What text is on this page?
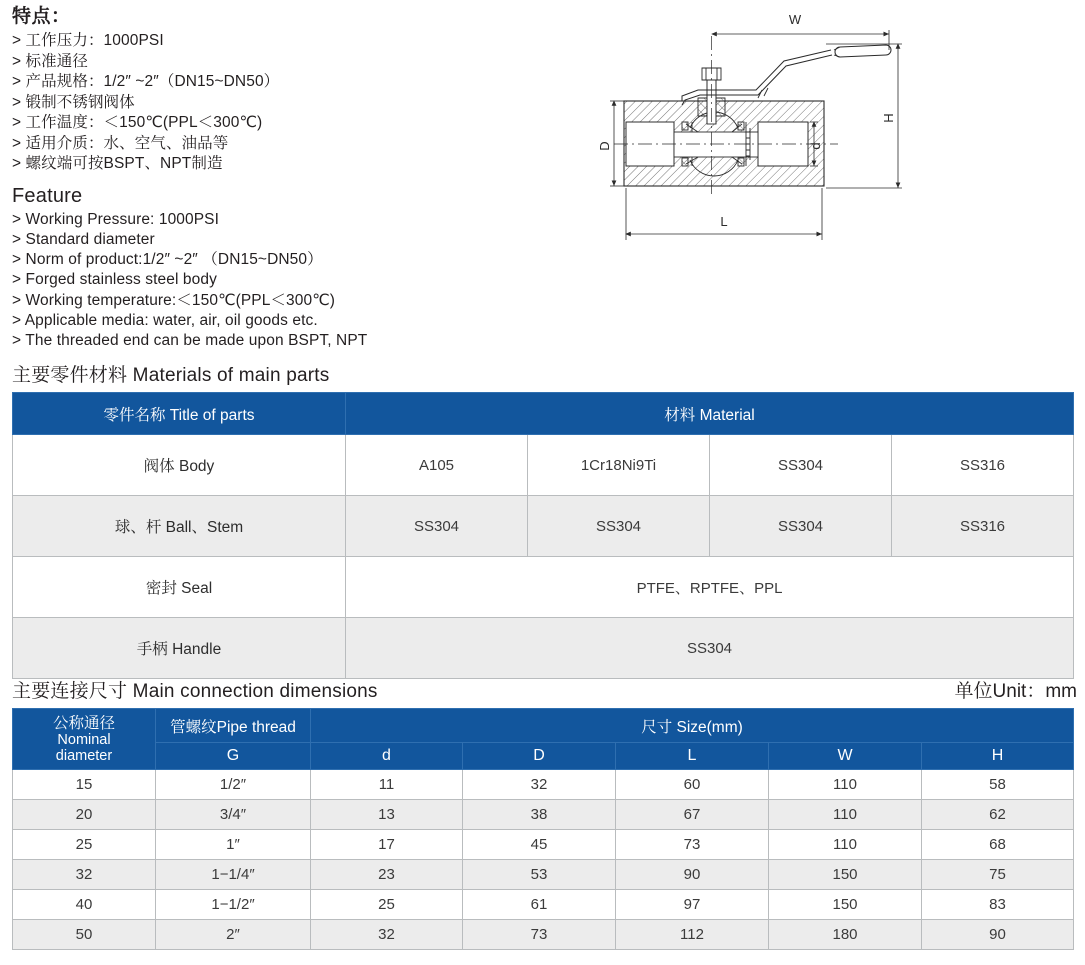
特点：
> 工作压力：1000PSI
> 标准通径
> 产品规格：1/2″ ~2″（DN15~DN50）
> 锻制不锈钢阀体
> 工作温度：＜150℃(PPL＜300℃)
> 适用介质：水、空气、油品等
> 螺纹端可按BSPT、NPT制造
Feature
> Working Pressure: 1000PSI
> Standard diameter
> Norm of product:1/2″ ~2″ （DN15~DN50）
> Forged stainless steel body
> Working temperature:＜150℃(PPL＜300℃)
> Applicable media: water, air, oil goods etc.
> The threaded end can be made upon BSPT, NPT
W
H
D	d
L
主要零件材料 Materials of main parts
零件名称 Title of parts	材料 Material			
阀体 Body	A105	1Cr18Ni9Ti	SS304	SS316
球、杆 Ball、Stem	SS304	SS304	SS304	SS316
密封 Seal	PTFE、RPTFE、PPL			
手柄 Handle	SS304			
主要连接尺寸 Main connection dimensions	单位Unit：mm
公称通径
Nominal
diameter	管螺纹Pipe thread	尺寸 Size(mm)				
	G	d	D	L	W	H
15	1/2″	11	32	60	110	58
20	3/4″	13	38	67	110	62
25	1″	17	45	73	110	68
32	1−1/4″	23	53	90	150	75
40	1−1/2″	25	61	97	150	83
50	2″	32	73	112	180	90
